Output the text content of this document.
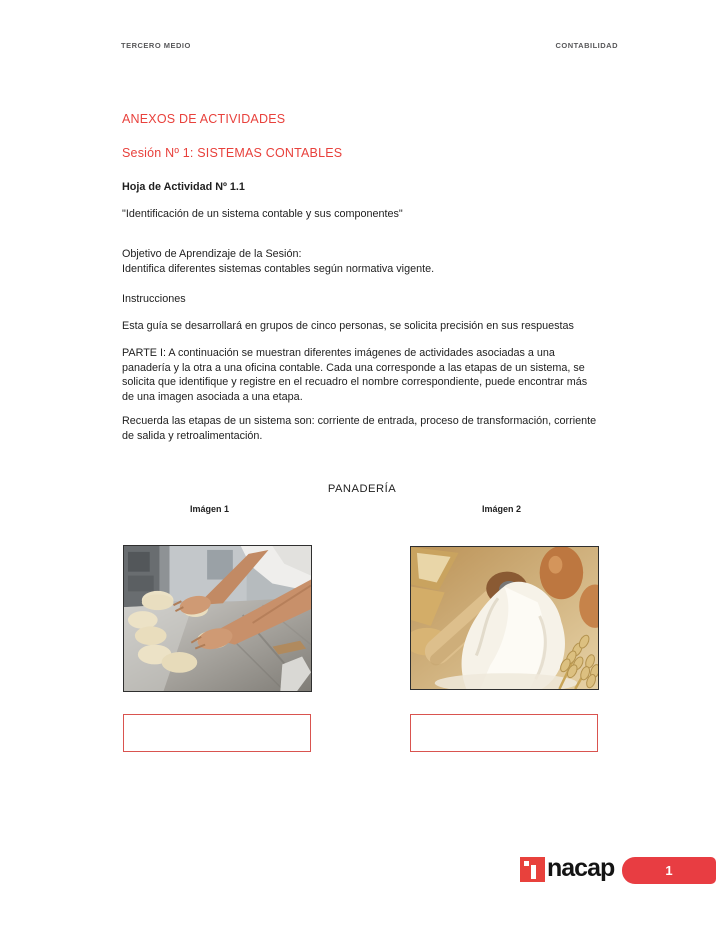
TERCERO MEDIO	CONTABILIDAD
ANEXOS DE ACTIVIDADES
Sesión Nº 1: SISTEMAS CONTABLES
Hoja de Actividad Nº 1.1
"Identificación de un sistema contable y sus componentes"
Objetivo de Aprendizaje de la Sesión:
Identifica diferentes sistemas contables según normativa vigente.
Instrucciones
Esta guía se desarrollará en grupos de cinco personas, se solicita precisión en sus respuestas
PARTE I: A continuación se muestran diferentes imágenes de actividades asociadas a una panadería y la otra a una oficina contable. Cada una corresponde a las etapas de un sistema, se solicita que identifique y registre en el recuadro el nombre correspondiente, puede encontrar más de una imagen asociada a una etapa.
Recuerda las etapas de un sistema son: corriente de entrada, proceso de transformación, corriente de salida y retroalimentación.
PANADERÍA
Imágen 1	Imágen 2
nacap	1
